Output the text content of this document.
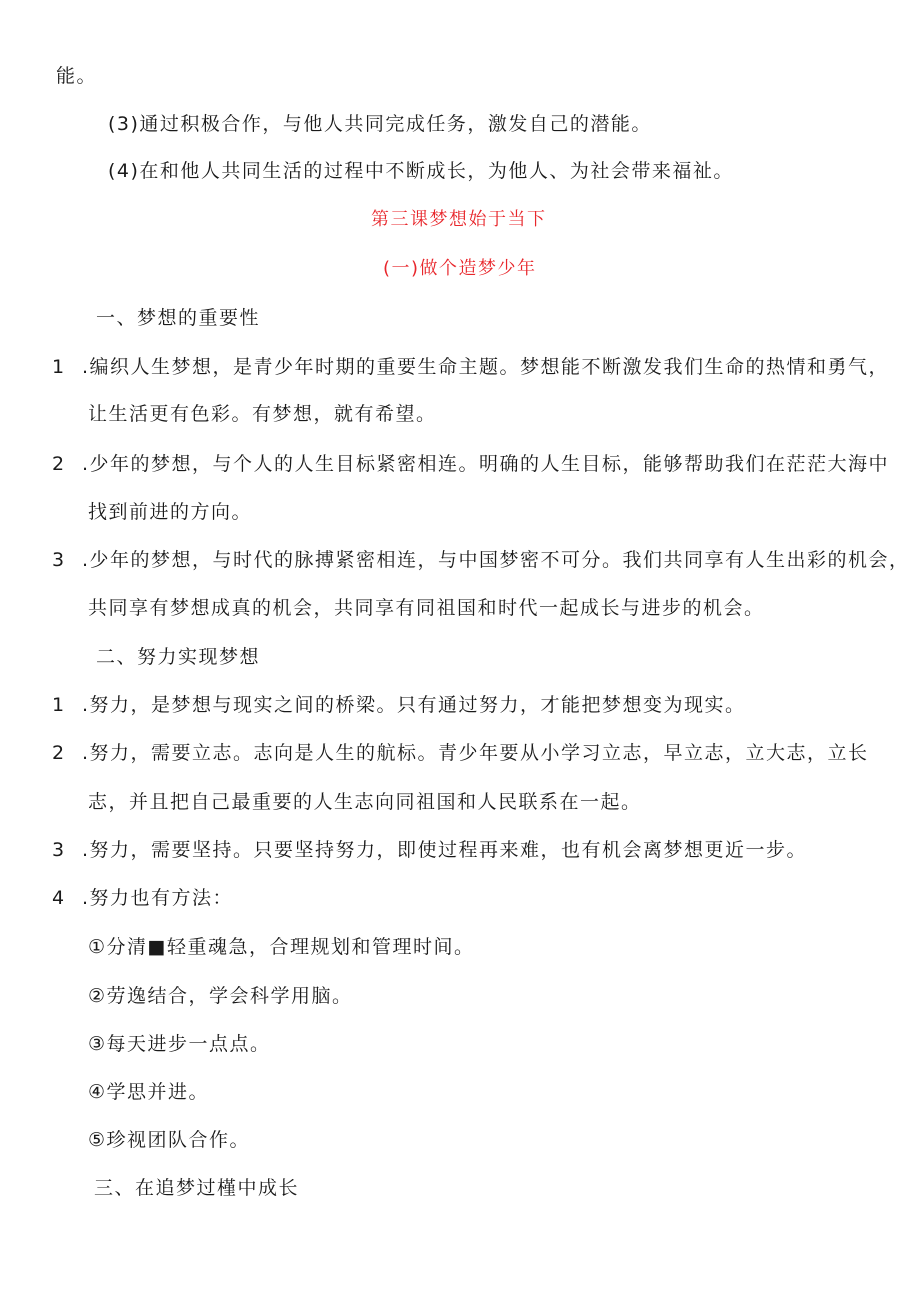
能。
(3)通过积极合作，与他人共同完成任务，激发自己的潜能。
(4)在和他人共同生活的过程中不断成长，为他人、为社会带来福祉。
第三课梦想始于当下
(一)做个造梦少年
一、梦想的重要性
1 .编织人生梦想，是青少年时期的重要生命主题。梦想能不断激发我们生命的热情和勇气，
让生活更有色彩。有梦想，就有希望。
2 .少年的梦想，与个人的人生目标紧密相连。明确的人生目标，能够帮助我们在茫茫大海中
找到前进的方向。
3 .少年的梦想，与时代的脉搏紧密相连，与中国梦密不可分。我们共同享有人生出彩的机会，
共同享有梦想成真的机会，共同享有同祖国和时代一起成长与进步的机会。
二、努力实现梦想
1 .努力，是梦想与现实之间的桥梁。只有通过努力，才能把梦想变为现实。
2 .努力，需要立志。志向是人生的航标。青少年要从小学习立志，早立志，立大志，立长
志，并且把自己最重要的人生志向同祖国和人民联系在一起。
3 .努力，需要坚持。只要坚持努力，即使过程再来难，也有机会离梦想更近一步。
4 .努力也有方法：
①分清■轻重魂急，合理规划和管理时间。
②劳逸结合，学会科学用脑。
③每天进步一点点。
④学思并进。
⑤珍视团队合作。
三、在追梦过槿中成长
